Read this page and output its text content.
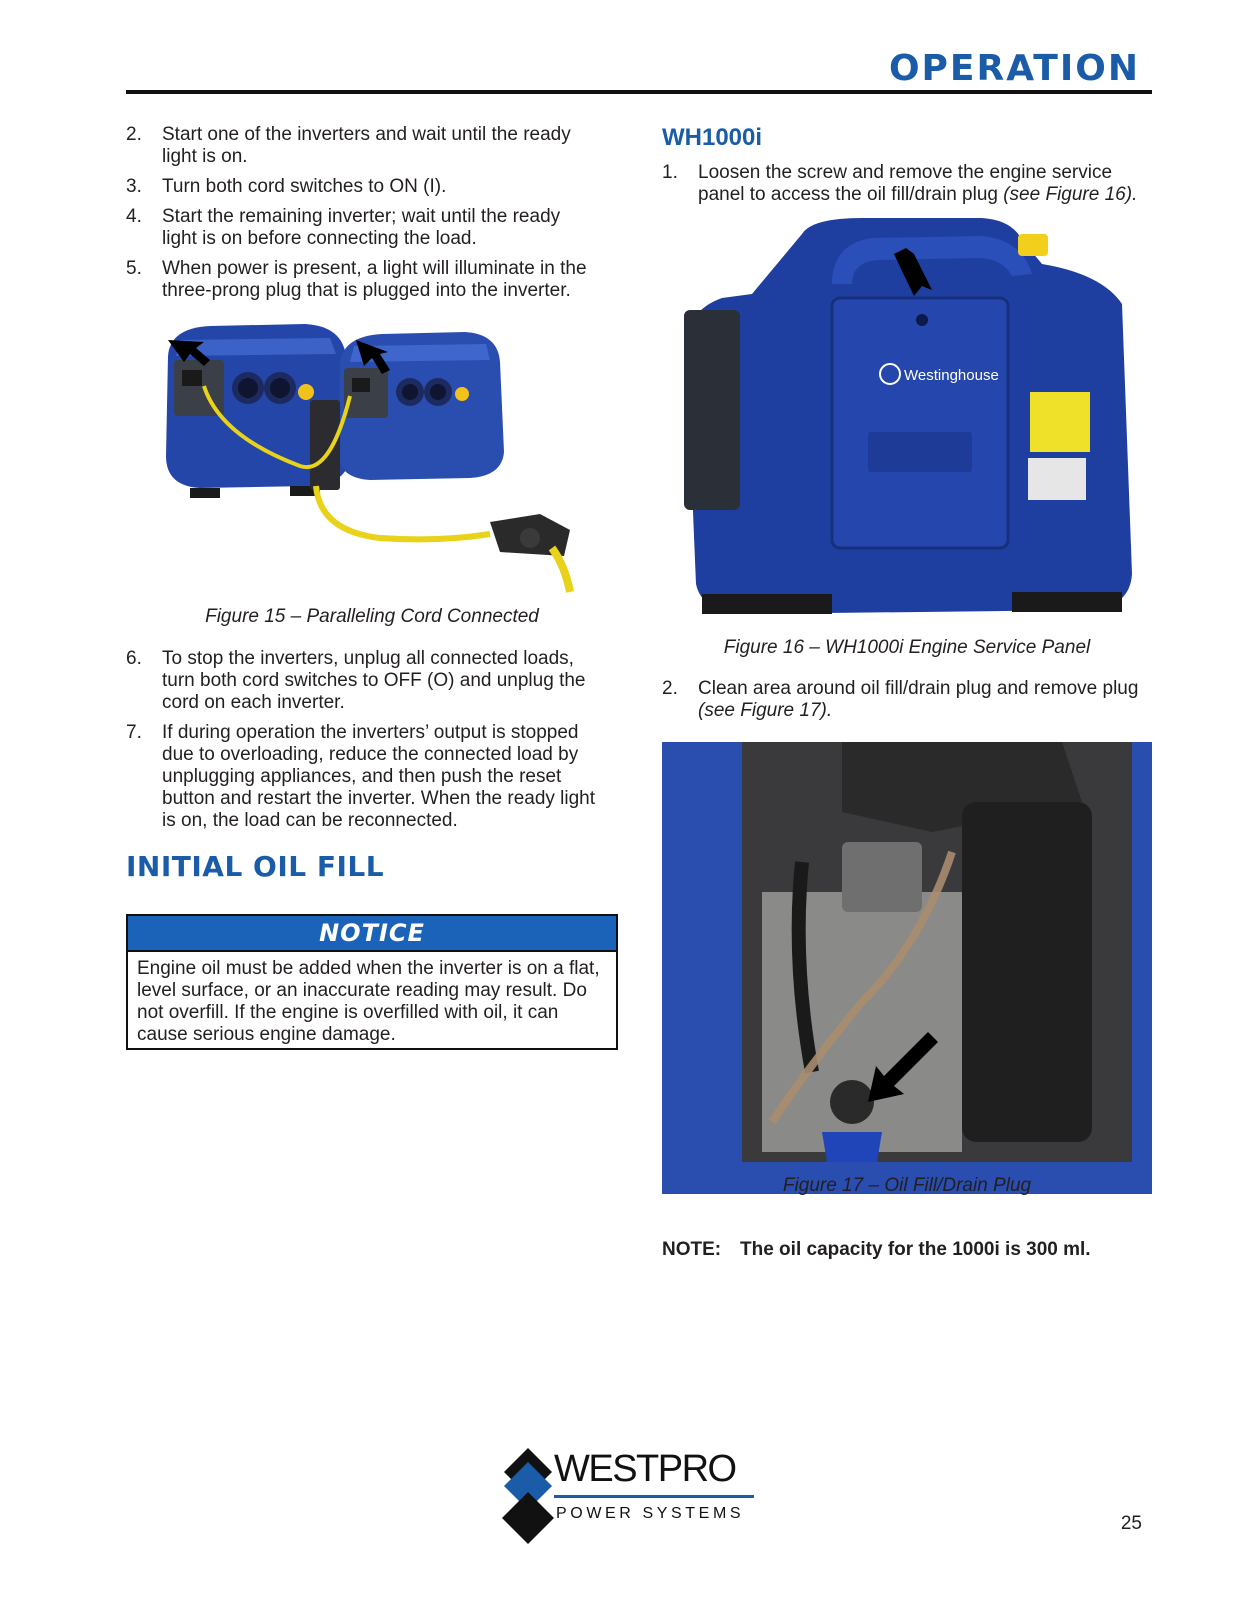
OPERATION
2. Start one of the inverters and wait until the ready light is on.
3. Turn both cord switches to ON (I).
4. Start the remaining inverter; wait until the ready light is on before connecting the load.
5. When power is present, a light will illuminate in the three-prong plug that is plugged into the inverter.
Figure 15 – Paralleling Cord Connected
6. To stop the inverters, unplug all connected loads, turn both cord switches to OFF (O) and unplug the cord on each inverter.
7. If during operation the inverters’ output is stopped due to overloading, reduce the connected load by unplugging appliances, and then push the reset button and restart the inverter. When the ready light is on, the load can be reconnected.
INITIAL OIL FILL
NOTICE
Engine oil must be added when the inverter is on a flat, level surface, or an inaccurate reading may result. Do not overfill. If the engine is overfilled with oil, it can cause serious engine damage.
WH1000i
1. Loosen the screw and remove the engine service panel to access the oil fill/drain plug (see Figure 16).
Westinghouse
Figure 16 – WH1000i Engine Service Panel
2. Clean area around oil fill/drain plug and remove plug (see Figure 17).
Figure 17 – Oil Fill/Drain Plug
NOTE: The oil capacity for the 1000i is 300 ml.
WESTPRO
POWER SYSTEMS	25
